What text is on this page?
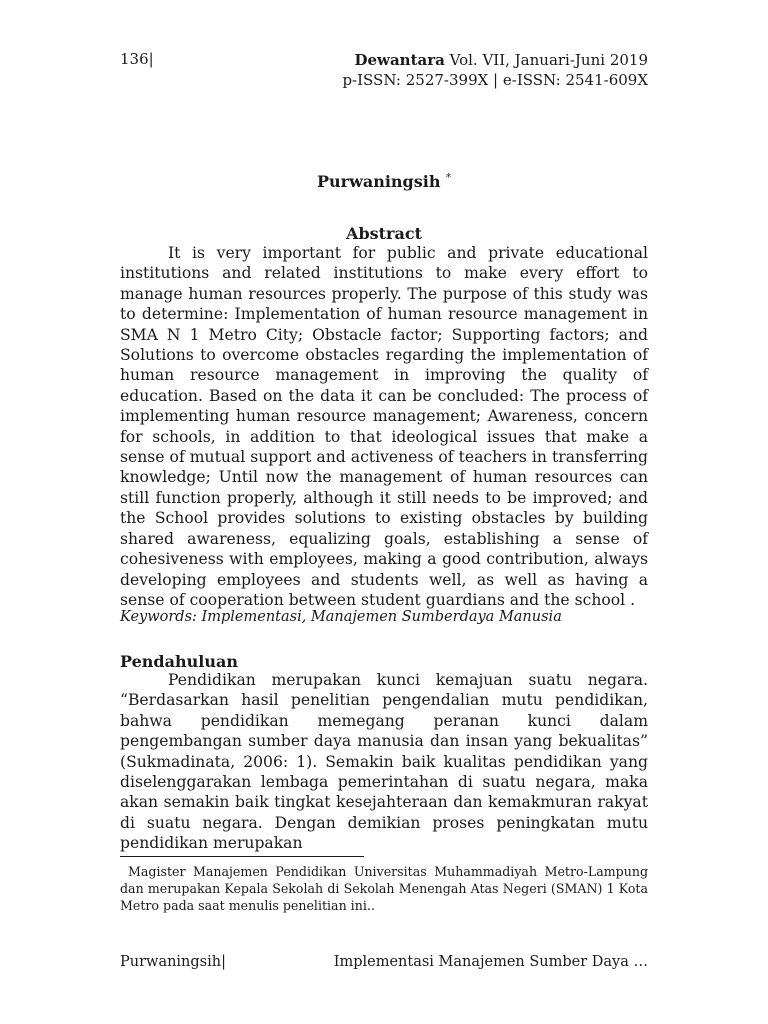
136|	Dewantara Vol. VII, Januari-Juni 2019
p-ISSN: 2527-399X | e-ISSN: 2541-609X
Purwaningsih *
Abstract

It is very important for public and private educational institutions and related institutions to make every effort to manage human resources properly. The purpose of this study was to determine: Implementation of human resource management in SMA N 1 Metro City; Obstacle factor; Supporting factors; and Solutions to overcome obstacles regarding the implementation of human resource management in improving the quality of education. Based on the data it can be concluded: The process of implementing human resource management; Awareness, concern for schools, in addition to that ideological issues that make a sense of mutual support and activeness of teachers in transferring knowledge; Until now the management of human resources can still function properly, although it still needs to be improved; and the School provides solutions to existing obstacles by building shared awareness, equalizing goals, establishing a sense of cohesiveness with employees, making a good contribution, always developing employees and students well, as well as having a sense of cooperation between student guardians and the school .

Keywords: Implementasi, Manajemen Sumberdaya Manusia
Pendahuluan

Pendidikan merupakan kunci kemajuan suatu negara. “Berdasarkan hasil penelitian pengendalian mutu pendidikan, bahwa pendidikan memegang peranan kunci dalam pengembangan sumber daya manusia dan insan yang bekualitas” (Sukmadinata, 2006: 1). Semakin baik kualitas pendidikan yang diselenggarakan lembaga pemerintahan di suatu negara, maka akan semakin baik tingkat kesejahteraan dan kemakmuran rakyat di suatu negara. Dengan demikian proses peningkatan mutu pendidikan merupakan

Magister Manajemen Pendidikan Universitas Muhammadiyah Metro-Lampung dan merupakan Kepala Sekolah di Sekolah Menengah Atas Negeri (SMAN) 1 Kota Metro pada saat menulis penelitian ini..

Purwaningsih|	Implementasi Manajemen Sumber Daya …
